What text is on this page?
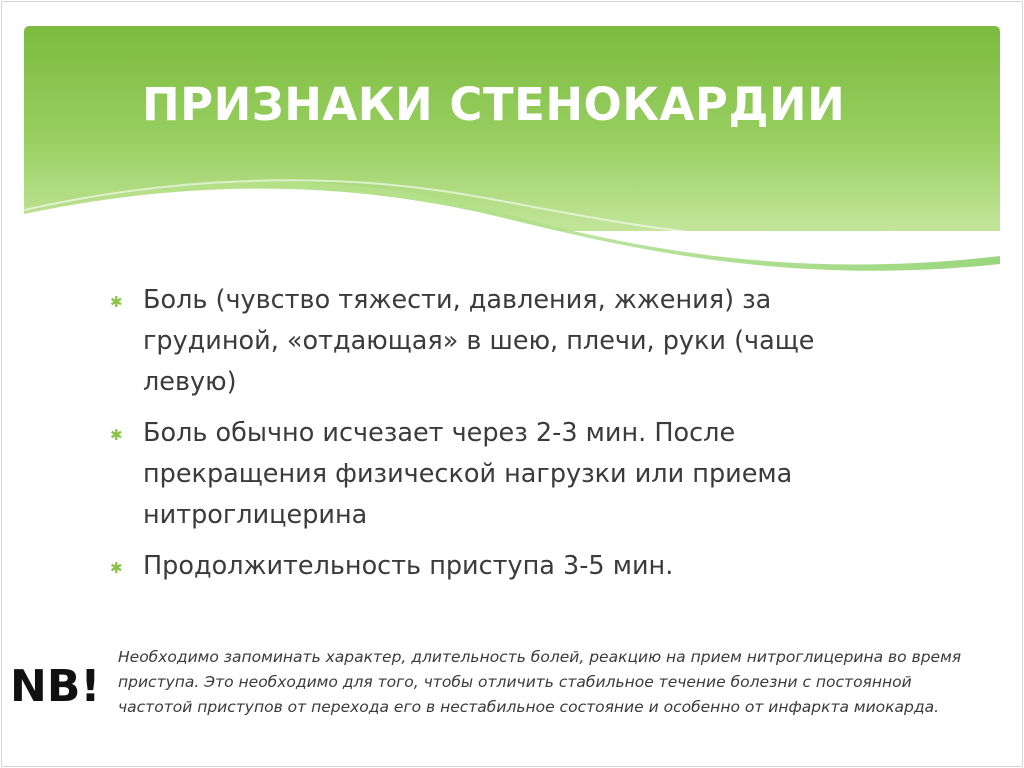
ПРИЗНАКИ СТЕНОКАРДИИ
✱ Боль (чувство тяжести, давления, жжения) за грудиной, «отдающая» в шею, плечи, руки (чаще левую)
✱ Боль обычно исчезает через 2-3 мин. После прекращения физической нагрузки или приема нитроглицерина
✱ Продолжительность приступа 3-5 мин.

NB!

Необходимо запоминать характер, длительность болей, реакцию на прием нитроглицерина во время приступа. Это необходимо для того, чтобы отличить стабильное течение болезни с постоянной частотой приступов от перехода его в нестабильное состояние и особенно от инфаркта миокарда.
